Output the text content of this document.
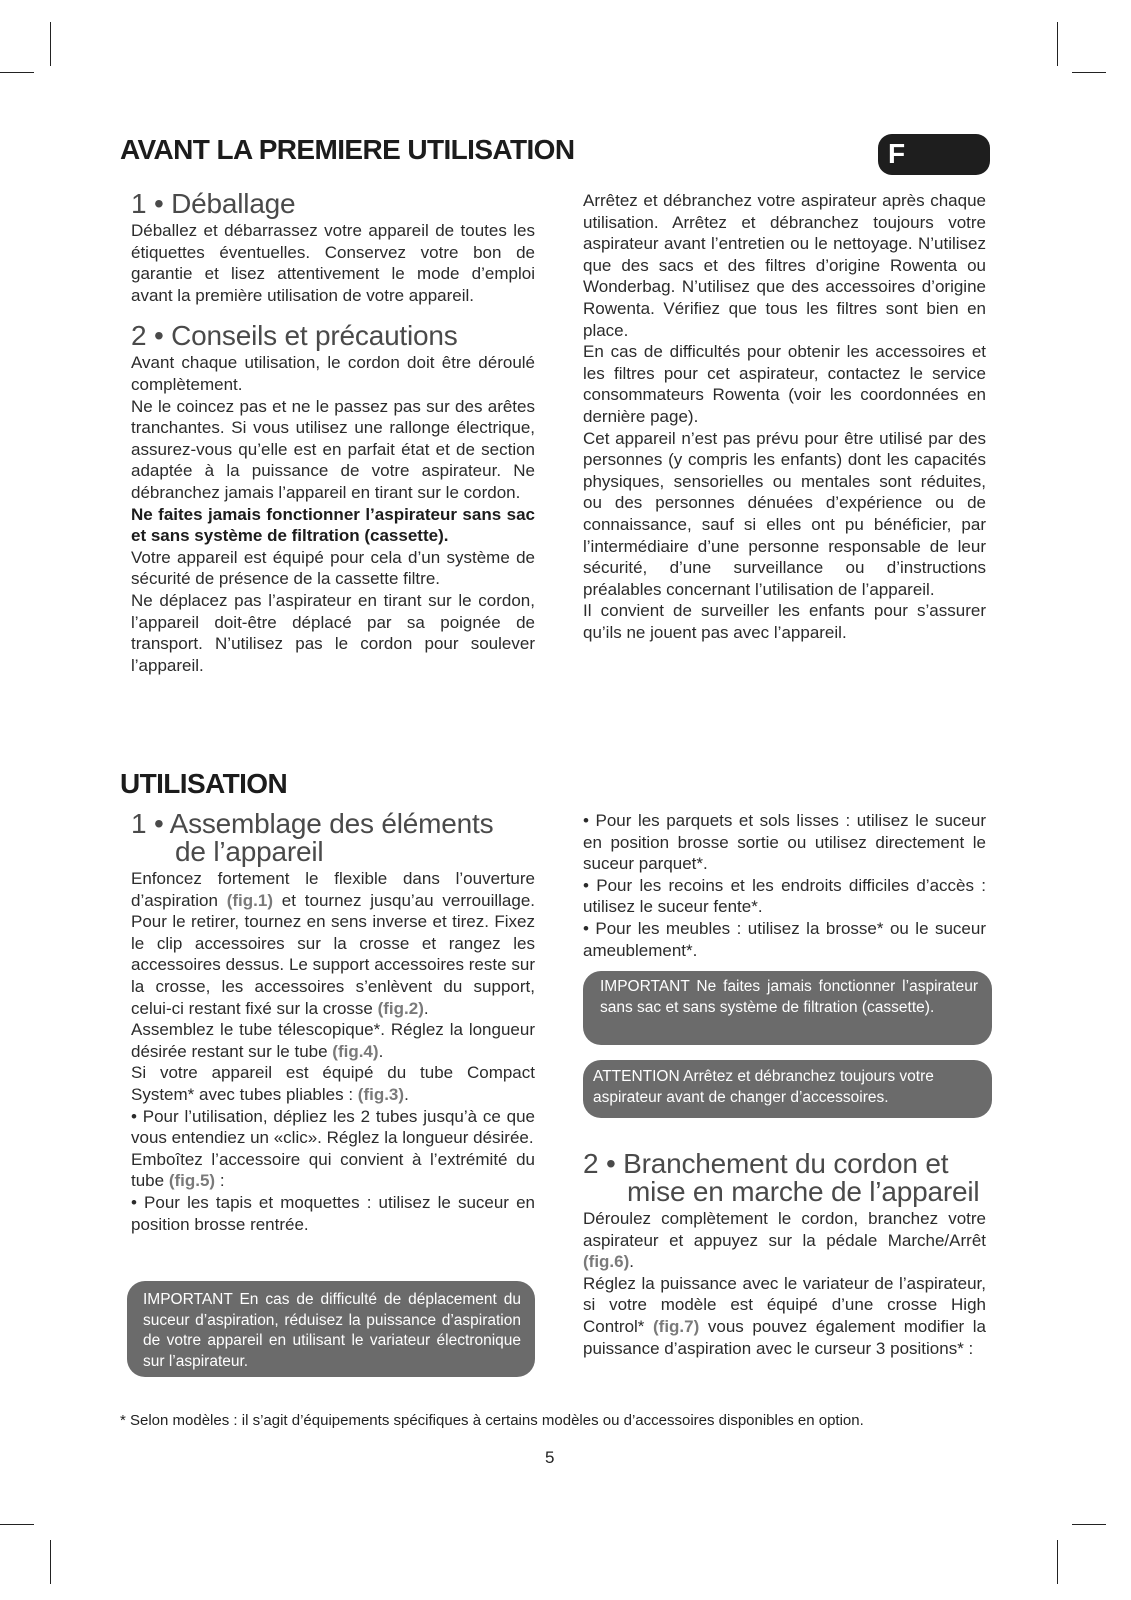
AVANT LA PREMIERE UTILISATION	F
UTILISATION
1 • Déballage

Déballez et débarrassez votre appareil de toutes les étiquettes éventuelles. Conservez votre bon de garantie et lisez attentivement le mode d’emploi avant la première utilisation de votre appareil.

2 • Conseils et précautions

Avant chaque utilisation, le cordon doit être déroulé complètement.

Ne le coincez pas et ne le passez pas sur des arêtes tranchantes. Si vous utilisez une rallonge électrique, assurez-vous qu’elle est en parfait état et de section adaptée à la puissance de votre aspirateur. Ne débranchez jamais l’appareil en tirant sur le cordon.

Ne faites jamais fonctionner l’aspirateur sans sac et sans système de filtration (cassette).

Votre appareil est équipé pour cela d’un système de sécurité de présence de la cassette filtre.

Ne déplacez pas l’aspirateur en tirant sur le cordon, l’appareil doit-être déplacé par sa poignée de transport. N’utilisez pas le cordon pour soulever l’appareil.

Arrêtez et débranchez votre aspirateur après chaque utilisation. Arrêtez et débranchez toujours votre aspirateur avant l’entretien ou le nettoyage. N’utilisez que des sacs et des filtres d’origine Rowenta ou Wonderbag. N’utilisez que des accessoires d’origine Rowenta. Vérifiez que tous les filtres sont bien en place.

En cas de difficultés pour obtenir les accessoires et les filtres pour cet aspirateur, contactez le service consommateurs Rowenta (voir les coordonnées en dernière page).

Cet appareil n’est pas prévu pour être utilisé par des personnes (y compris les enfants) dont les capacités physiques, sensorielles ou mentales sont réduites, ou des personnes dénuées d’expérience ou de connaissance, sauf si elles ont pu bénéficier, par l’intermédiaire d’une personne responsable de leur sécurité, d’une surveillance ou d’instructions préalables concernant l’utilisation de l’appareil.

Il convient de surveiller les enfants pour s’assurer qu’ils ne jouent pas avec l’appareil.

1 • Assemblage des éléments
de l’appareil

Enfoncez fortement le flexible dans l’ouverture d’aspiration (fig.1) et tournez jusqu’au verrouillage. Pour le retirer, tournez en sens inverse et tirez. Fixez le clip accessoires sur la crosse et rangez les accessoires dessus. Le support accessoires reste sur la crosse, les accessoires s’enlèvent du support, celui-ci restant fixé sur la crosse (fig.2).

Assemblez le tube télescopique*. Réglez la longueur désirée restant sur le tube (fig.4).

Si votre appareil est équipé du tube Compact System* avec tubes pliables : (fig.3).

• Pour l’utilisation, dépliez les 2 tubes jusqu’à ce que vous entendiez un «clic». Réglez la longueur désirée.

Emboîtez l’accessoire qui convient à l’extrémité du tube (fig.5) :

• Pour les tapis et moquettes : utilisez le suceur en position brosse rentrée.

IMPORTANT En cas de difficulté de déplacement du suceur d’aspiration, réduisez la puissance d’aspiration de votre appareil en utilisant le variateur électronique sur l’aspirateur.

• Pour les parquets et sols lisses : utilisez le suceur en position brosse sortie ou utilisez directement le suceur parquet*.

• Pour les recoins et les endroits difficiles d’accès : utilisez le suceur fente*.

• Pour les meubles : utilisez la brosse* ou le suceur ameublement*.

IMPORTANT Ne faites jamais fonctionner l’aspirateur sans sac et sans système de filtration (cassette).
ATTENTION Arrêtez et débranchez toujours votre aspirateur avant de changer d’accessoires.
2 • Branchement du cordon et
mise en marche de l’appareil

Déroulez complètement le cordon, branchez votre aspirateur et appuyez sur la pédale Marche/Arrêt (fig.6).

Réglez la puissance avec le variateur de l’aspirateur, si votre modèle est équipé d’une crosse High Control* (fig.7) vous pouvez également modifier la puissance d’aspiration avec le curseur 3 positions* :

* Selon modèles : il s’agit d’équipements spécifiques à certains modèles ou d’accessoires disponibles en option.
5
